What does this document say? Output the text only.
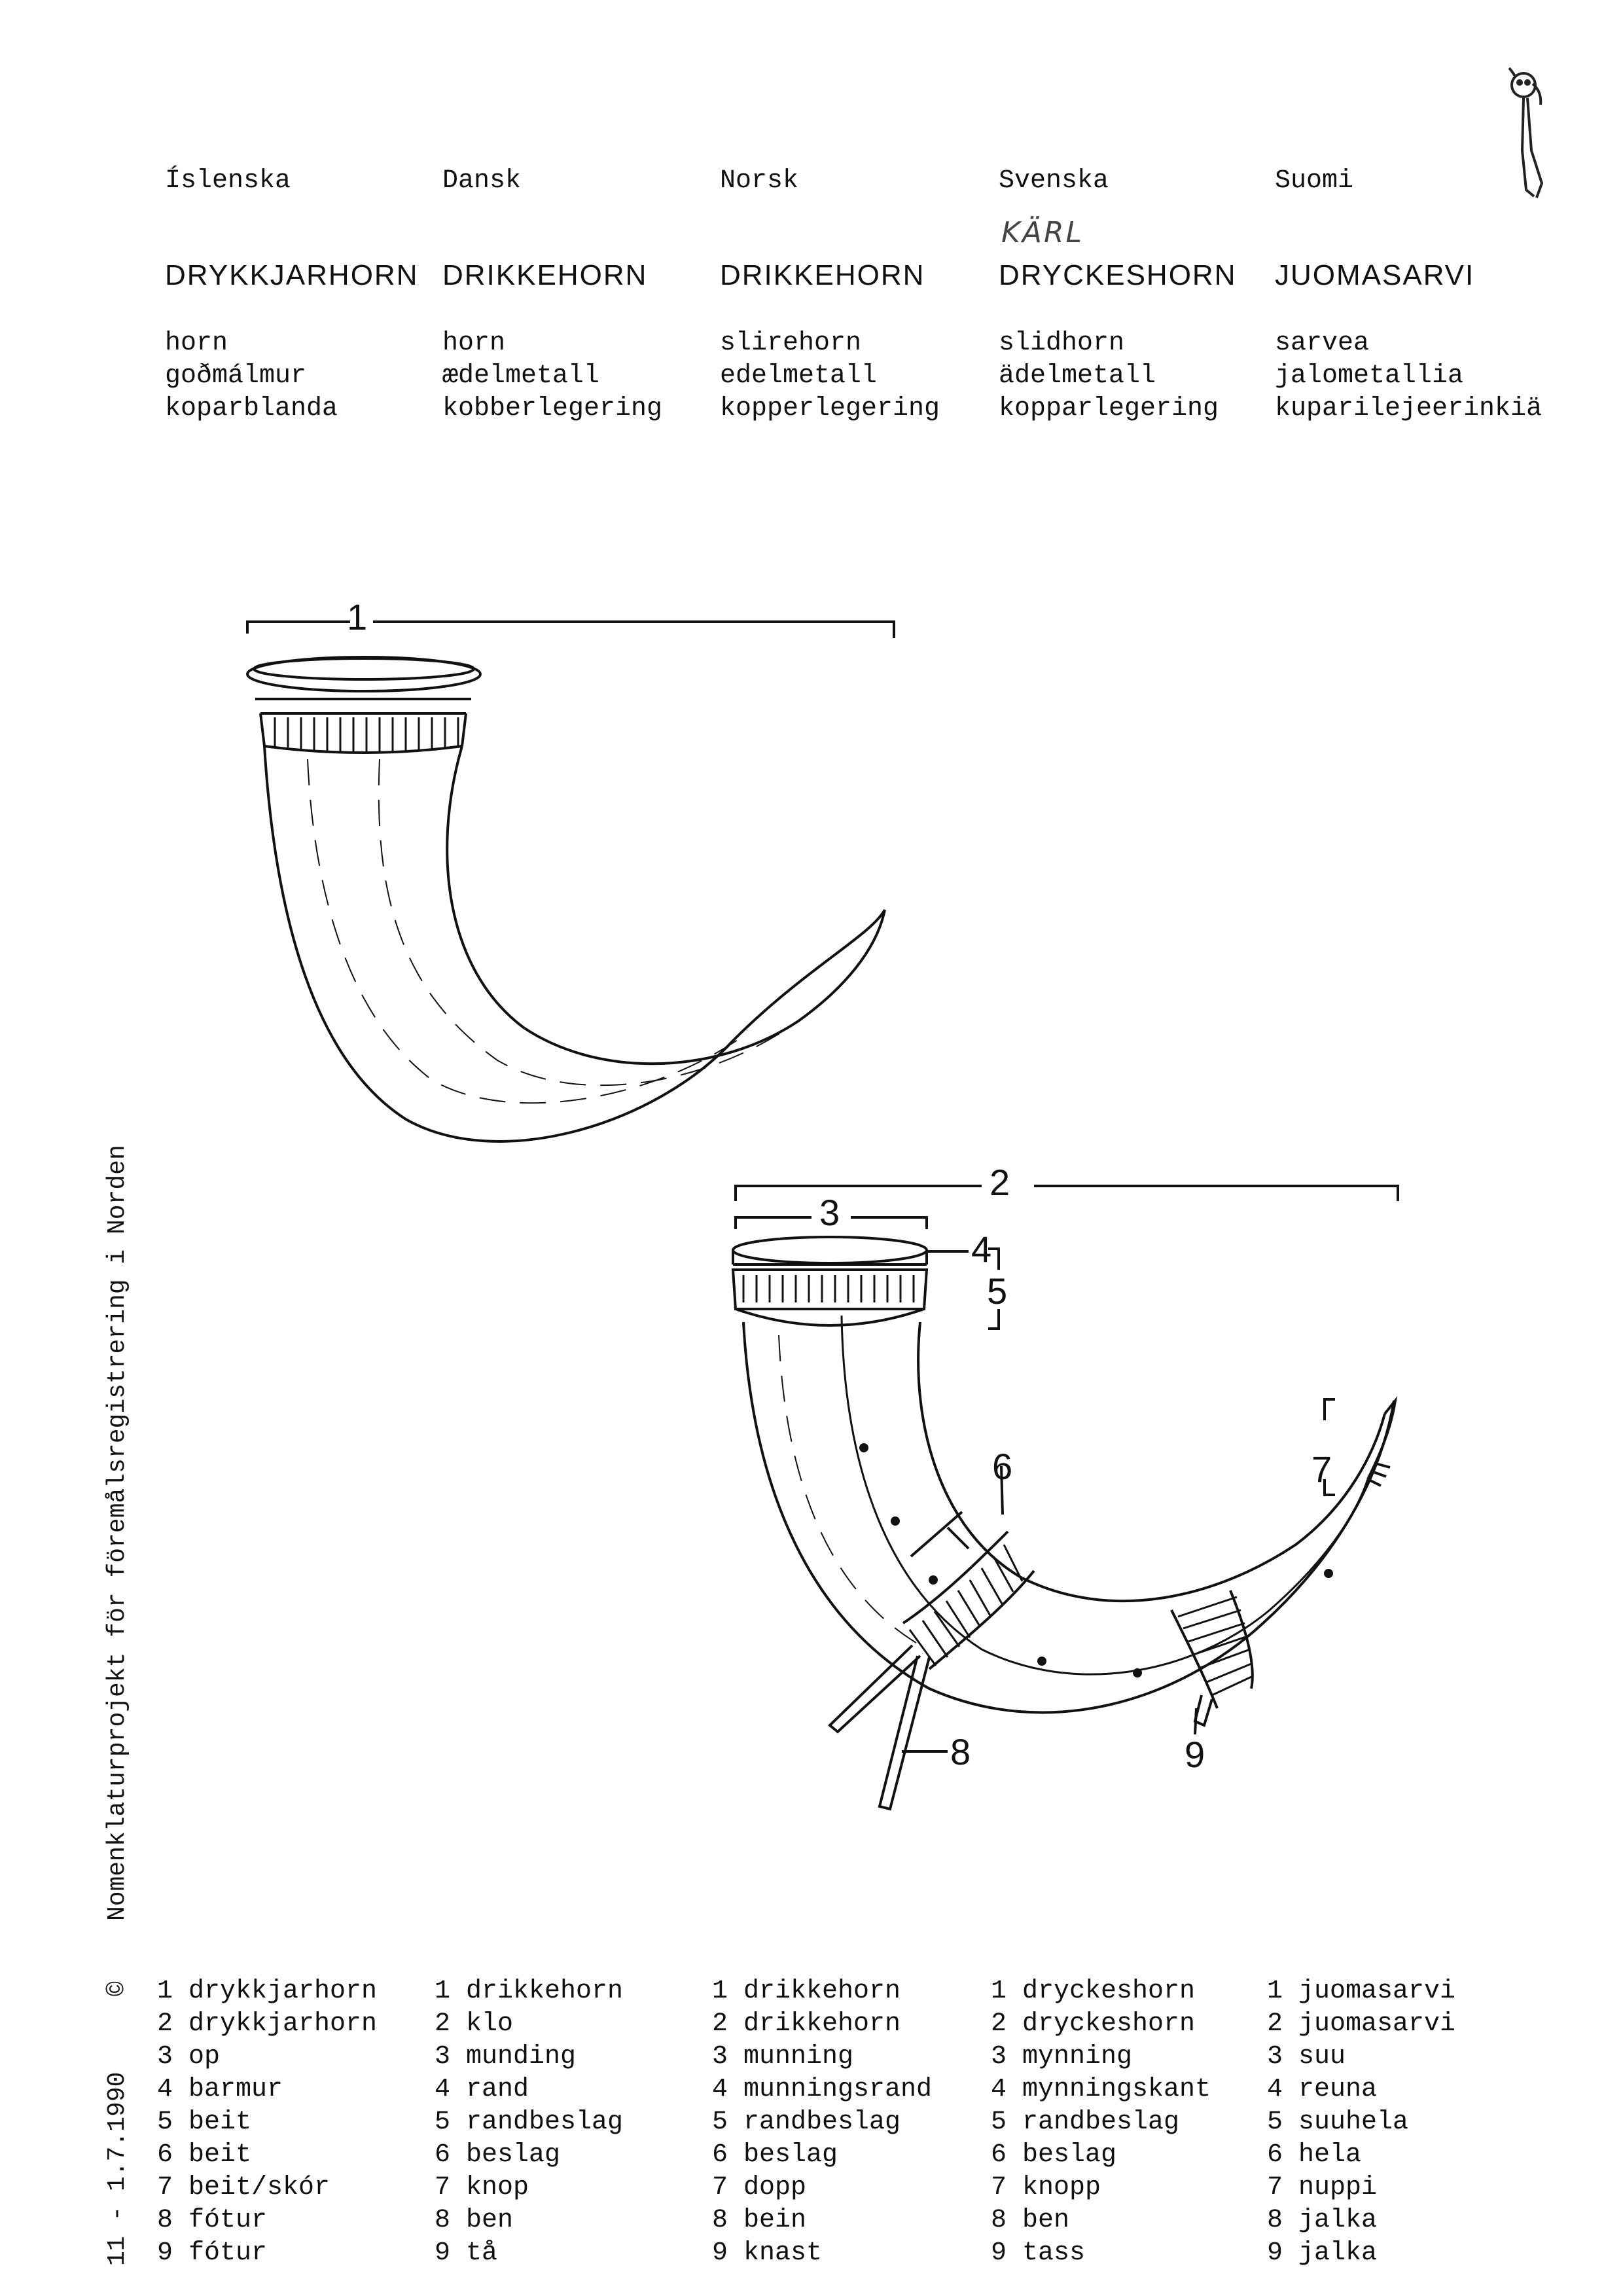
1
2
3
4
5
6	7
8	9
KÄRL
Íslenska
DRYKKJARHORN
horn
goðmálmur
koparblanda
Dansk
DRIKKEHORN
horn
ædelmetall
kobberlegering
Norsk
DRIKKEHORN
slirehorn
edelmetall
kopperlegering
Svenska
DRYCKESHORN
slidhorn
ädelmetall
kopparlegering
Suomi
JUOMASARVI
sarvea
jalometallia
kuparilejeerinkiä
Nomenklaturprojekt för föremålsregistrering i Norden
©
11 - 1.7.1990
1 drykkjarhorn
2 drykkjarhorn
3 op
4 barmur
5 beit
6 beit
7 beit/skór
8 fótur
9 fótur
1 drikkehorn
2 klo
3 munding
4 rand
5 randbeslag
6 beslag
7 knop
8 ben
9 tå
1 drikkehorn
2 drikkehorn
3 munning
4 munningsrand
5 randbeslag
6 beslag
7 dopp
8 bein
9 knast
1 dryckeshorn
2 dryckeshorn
3 mynning
4 mynningskant
5 randbeslag
6 beslag
7 knopp
8 ben
9 tass
1 juomasarvi
2 juomasarvi
3 suu
4 reuna
5 suuhela
6 hela
7 nuppi
8 jalka
9 jalka
